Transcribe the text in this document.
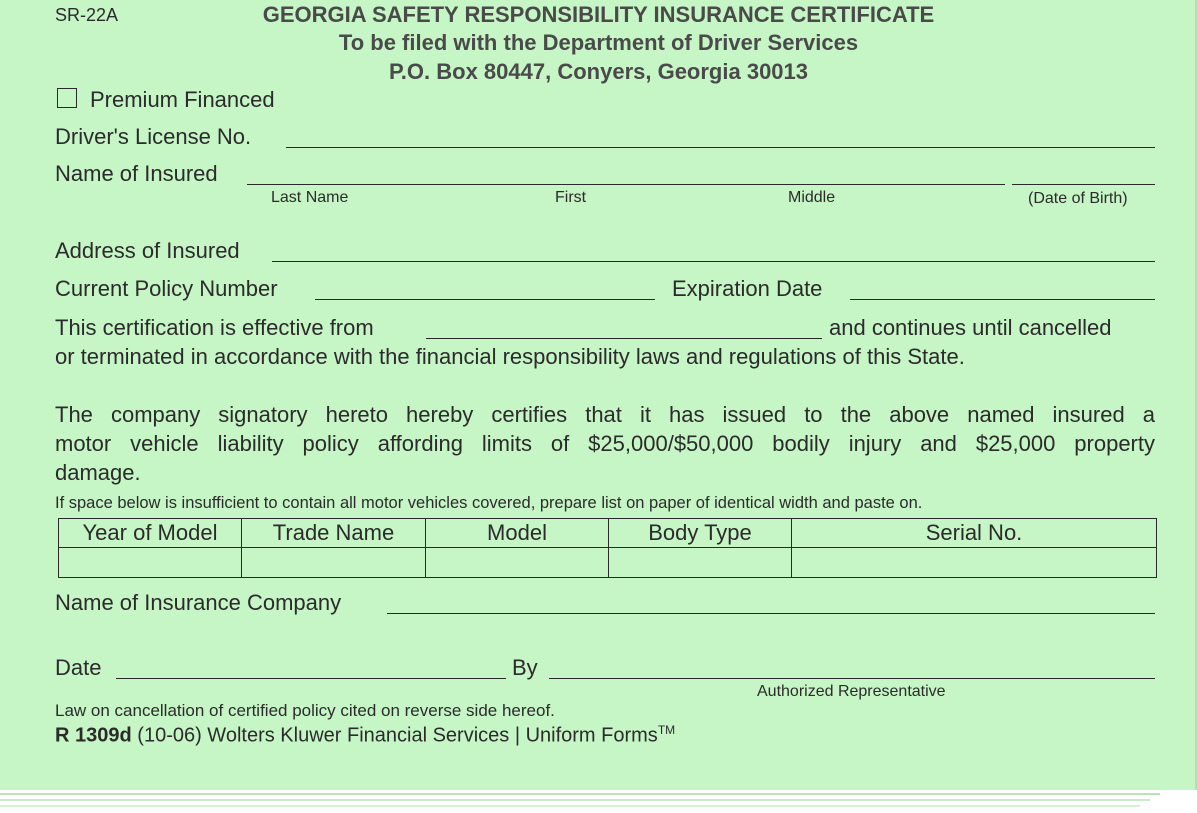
SR-22A	GEORGIA SAFETY RESPONSIBILITY INSURANCE CERTIFICATE
To be filed with the Department of Driver Services
P.O. Box 80447, Conyers, Georgia 30013
Premium Financed
Driver's License No.
Name of Insured
Last Name	First	Middle	(Date of Birth)
Address of Insured
Current Policy Number	Expiration Date
This certification is effective from	and continues until cancelled
or terminated in accordance with the financial responsibility laws and regulations of this State.
The company signatory hereto hereby certifies that it has issued to the above named insured a
motor vehicle liability policy affording limits of $25,000/$50,000 bodily injury and $25,000 property
damage.
If space below is insufficient to contain all motor vehicles covered, prepare list on paper of identical width and paste on.
Year of Model	Trade Name	Model	Body Type	Serial No.

Name of Insurance Company
Date	By
Authorized Representative
Law on cancellation of certified policy cited on reverse side hereof.
R 1309d (10-06) Wolters Kluwer Financial Services | Uniform Forms™
